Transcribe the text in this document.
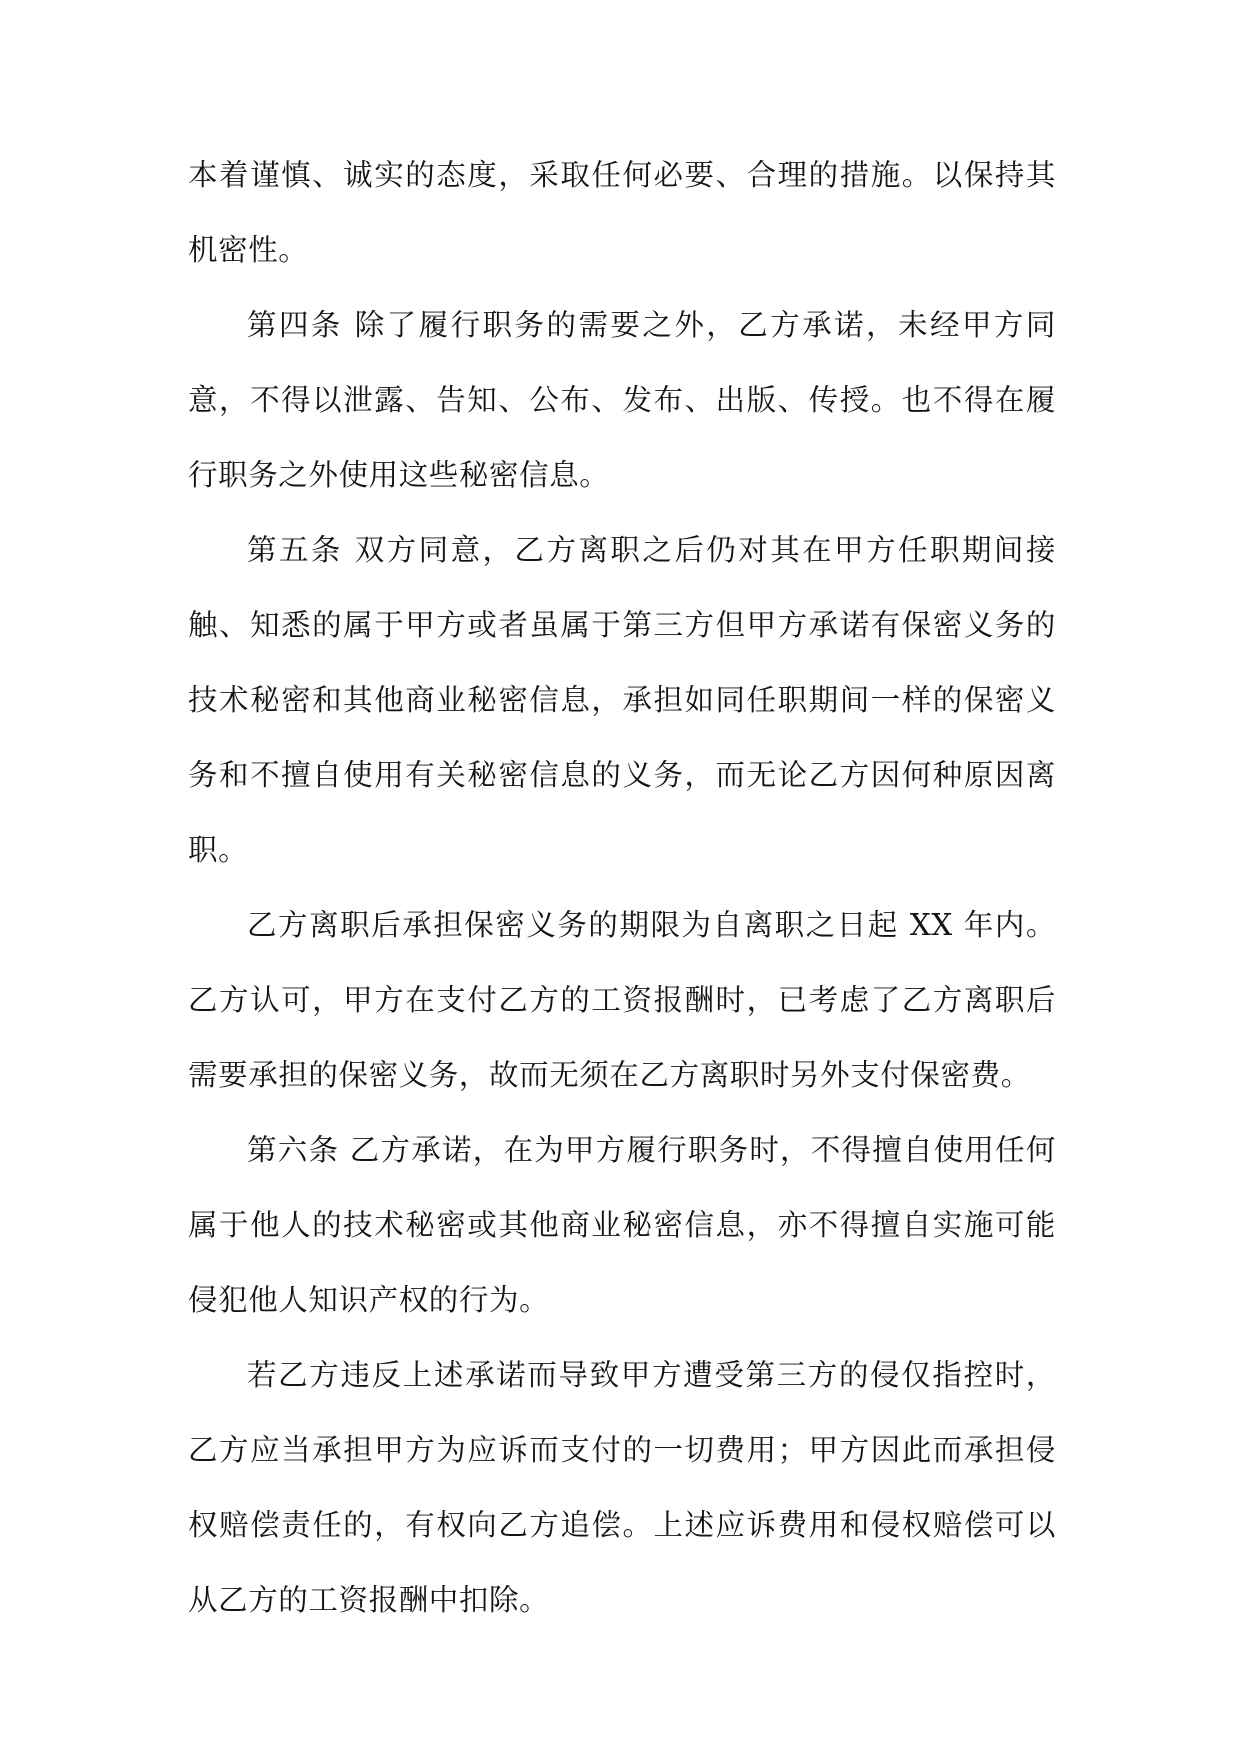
本着谨慎、诚实的态度，采取任何必要、合理的措施。以保持其机密性。

第四条 除了履行职务的需要之外，乙方承诺，未经甲方同意，不得以泄露、告知、公布、发布、出版、传授。也不得在履行职务之外使用这些秘密信息。

第五条 双方同意，乙方离职之后仍对其在甲方任职期间接触、知悉的属于甲方或者虽属于第三方但甲方承诺有保密义务的技术秘密和其他商业秘密信息，承担如同任职期间一样的保密义务和不擅自使用有关秘密信息的义务，而无论乙方因何种原因离职。

乙方离职后承担保密义务的期限为自离职之日起 XX 年内。乙方认可，甲方在支付乙方的工资报酬时，已考虑了乙方离职后需要承担的保密义务，故而无须在乙方离职时另外支付保密费。

第六条 乙方承诺，在为甲方履行职务时，不得擅自使用任何属于他人的技术秘密或其他商业秘密信息，亦不得擅自实施可能侵犯他人知识产权的行为。

若乙方违反上述承诺而导致甲方遭受第三方的侵仅指控时，乙方应当承担甲方为应诉而支付的一切费用；甲方因此而承担侵权赔偿责任的，有权向乙方追偿。上述应诉费用和侵权赔偿可以从乙方的工资报酬中扣除。
